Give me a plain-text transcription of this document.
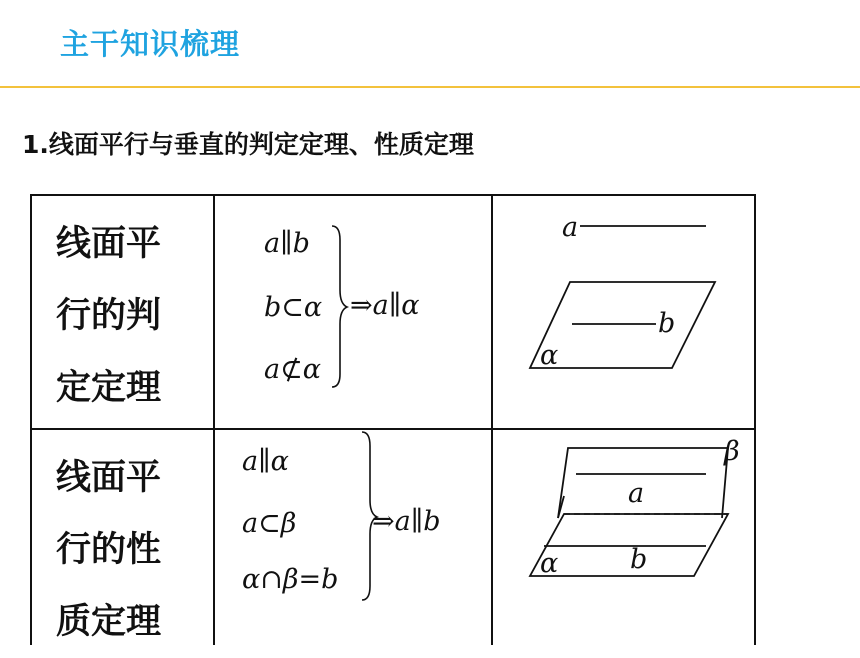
主干知识梳理
1.线面平行与垂直的判定定理、性质定理
线面平
行的判
定定理
a∥b
b⊂α
a⊄α
⇒a∥α
a
b
α
线面平
行的性
质定理
a∥α
a⊂β
α∩β=b
⇒a∥b
a
β
b
α
